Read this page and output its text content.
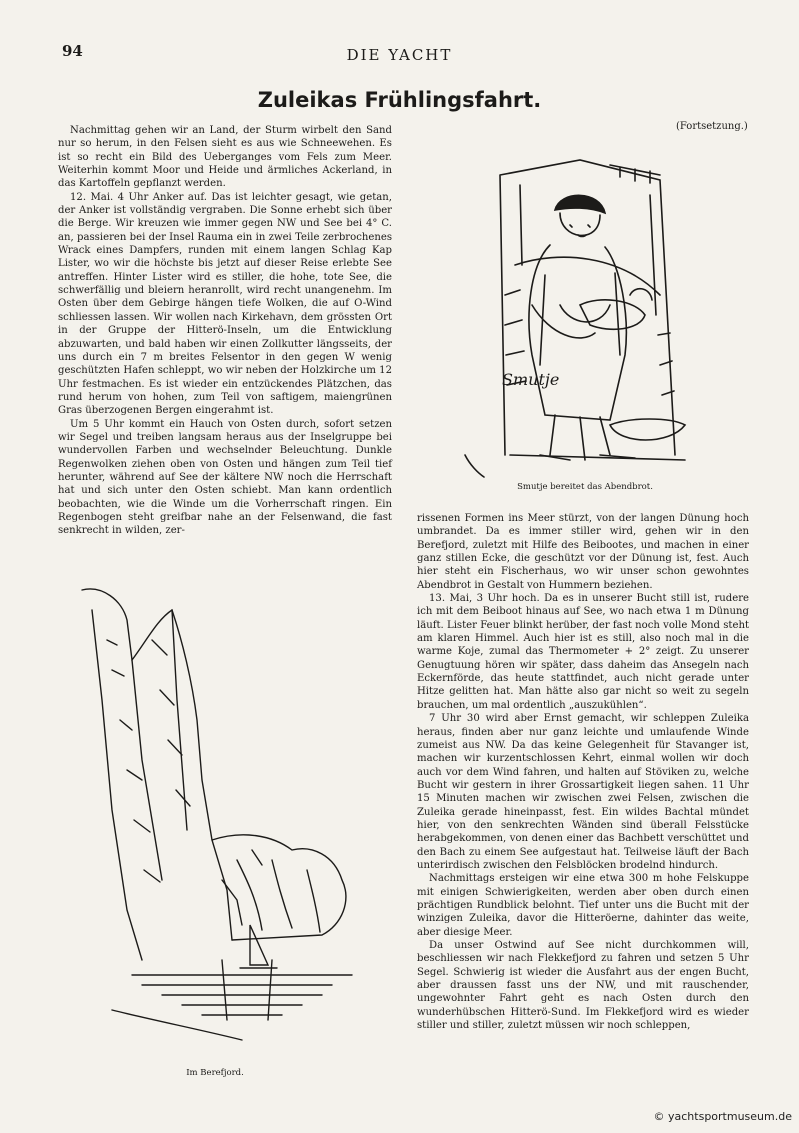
94	DIE YACHT
Zuleikas Frühlingsfahrt.
(Fortsetzung.)

Nachmittag gehen wir an Land, der Sturm wirbelt den Sand nur so herum, in den Felsen sieht es aus wie Schneewehen. Es ist so recht ein Bild des Ueberganges vom Fels zum Meer. Weiterhin kommt Moor und Heide und ärmliches Ackerland, in das Kartoffeln gepflanzt werden.

12. Mai. 4 Uhr Anker auf. Das ist leichter gesagt, wie getan, der Anker ist vollständig vergraben. Die Sonne erhebt sich über die Berge. Wir kreuzen wie immer gegen NW und See bei 4° C. an, passieren bei der Insel Rauma ein in zwei Teile zerbrochenes Wrack eines Dampfers, runden mit einem langen Schlag Kap Lister, wo wir die höchste bis jetzt auf dieser Reise erlebte See antreffen. Hinter Lister wird es stiller, die hohe, tote See, die schwerfällig und bleiern heranrollt, wird recht unangenehm. Im Osten über dem Gebirge hängen tiefe Wolken, die auf O-Wind schliessen lassen. Wir wollen nach Kirkehavn, dem grössten Ort in der Gruppe der Hitterö-Inseln, um die Entwicklung abzuwarten, und bald haben wir einen Zollkutter längsseits, der uns durch ein 7 m breites Felsentor in den gegen W wenig geschützten Hafen schleppt, wo wir neben der Holzkirche um 12 Uhr festmachen. Es ist wieder ein entzückendes Plätzchen, das rund herum von hohen, zum Teil von saftigem, maiengrünen Gras überzogenen Bergen eingerahmt ist.

Um 5 Uhr kommt ein Hauch von Osten durch, sofort setzen wir Segel und treiben langsam heraus aus der Inselgruppe bei wundervollen Farben und wechselnder Beleuchtung. Dunkle Regenwolken ziehen oben von Osten und hängen zum Teil tief herunter, während auf See der kältere NW noch die Herrschaft hat und sich unter den Osten schiebt. Man kann ordentlich beobachten, wie die Winde um die Vorherrschaft ringen. Ein Regenbogen steht greifbar nahe an der Felsenwand, die fast senkrecht in wilden, zer-

rissenen Formen ins Meer stürzt, von der langen Dünung hoch umbrandet. Da es immer stiller wird, gehen wir in den Berefjord, zuletzt mit Hilfe des Beibootes, und machen in einer ganz stillen Ecke, die geschützt vor der Dünung ist, fest. Auch hier steht ein Fischerhaus, wo wir unser schon gewohntes Abendbrot in Gestalt von Hummern beziehen.

13. Mai, 3 Uhr hoch. Da es in unserer Bucht still ist, rudere ich mit dem Beiboot hinaus auf See, wo nach etwa 1 m Dünung läuft. Lister Feuer blinkt herüber, der fast noch volle Mond steht am klaren Himmel. Auch hier ist es still, also noch mal in die warme Koje, zumal das Thermometer + 2° zeigt. Zu unserer Genugtuung hören wir später, dass daheim das Ansegeln nach Eckernförde, das heute stattfindet, auch nicht gerade unter Hitze gelitten hat. Man hätte also gar nicht so weit zu segeln brauchen, um mal ordentlich „auszukühlen“.

7 Uhr 30 wird aber Ernst gemacht, wir schleppen Zuleika heraus, finden aber nur ganz leichte und umlaufende Winde zumeist aus NW. Da das keine Gelegenheit für Stavanger ist, machen wir kurzentschlossen Kehrt, einmal wollen wir doch auch vor dem Wind fahren, und halten auf Stöviken zu, welche Bucht wir gestern in ihrer Grossartigkeit liegen sahen. 11 Uhr 15 Minuten machen wir zwischen zwei Felsen, zwischen die Zuleika gerade hineinpasst, fest. Ein wildes Bachtal mündet hier, von den senkrechten Wänden sind überall Felsstücke herabgekommen, von denen einer das Bachbett verschüttet und den Bach zu einem See aufgestaut hat. Teilweise läuft der Bach unterirdisch zwischen den Felsblöcken brodelnd hindurch.

Nachmittags ersteigen wir eine etwa 300 m hohe Felskuppe mit einigen Schwierigkeiten, werden aber oben durch einen prächtigen Rundblick belohnt. Tief unter uns die Bucht mit der winzigen Zuleika, davor die Hitteröerne, dahinter das weite, aber diesige Meer.

Da unser Ostwind auf See nicht durchkommen will, beschliessen wir nach Flekkefjord zu fahren und setzen 5 Uhr Segel. Schwierig ist wieder die Ausfahrt aus der engen Bucht, aber draussen fasst uns der NW, und mit rauschender, ungewohnter Fahrt geht es nach Osten durch den wunderhübschen Hitterö-Sund. Im Flekkefjord wird es wieder stiller und stiller, zuletzt müssen wir noch schleppen,

Smutje
Smutje bereitet das Abendbrot.
Im Berefjord.
© yachtsportmuseum.de
